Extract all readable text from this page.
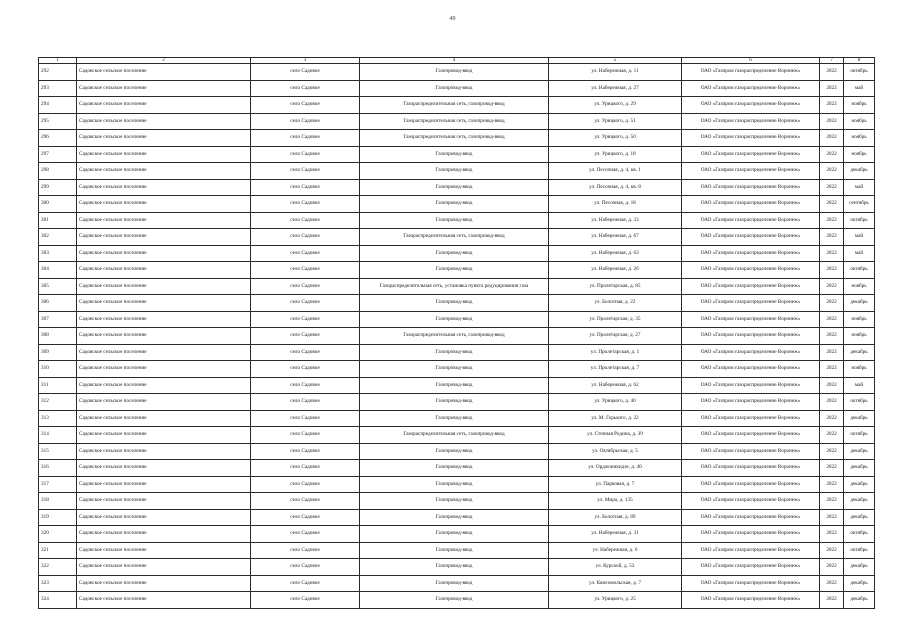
49
1	2	3	4	5	6	7	8
292	Садовское сельское поселение	село Садовое	Газопровод-ввод	ул. Набережная, д. 11	ОАО «Газпром газораспределение Воронеж»	2022	октябрь
293	Садовское сельское поселение	село Садовое	Газопровод-ввод	ул. Набережная, д. 27	ОАО «Газпром газораспределение Воронеж»	2022	май
294	Садовское сельское поселение	село Садовое	Газораспределительная сеть, газопровод-ввод	ул. Урицкого, д. 29	ОАО «Газпром газораспределение Воронеж»	2022	ноябрь
295	Садовское сельское поселение	село Садовое	Газораспределительная сеть, газопровод-ввод	ул. Урицкого, д. 51	ОАО «Газпром газораспределение Воронеж»	2022	ноябрь
296	Садовское сельское поселение	село Садовое	Газораспределительная сеть, газопровод-ввод	ул. Урицкого, д. 50	ОАО «Газпром газораспределение Воронеж»	2022	ноябрь
297	Садовское сельское поселение	село Садовое	Газопровод-ввод	ул. Урицкого, д. 18	ОАО «Газпром газораспределение Воронеж»	2022	ноябрь
298	Садовское сельское поселение	село Садовое	Газопровод-ввод	ул. Песочная, д. 4, кв. 1	ОАО «Газпром газораспределение Воронеж»	2022	декабрь
299	Садовское сельское поселение	село Садовое	Газопровод-ввод	ул. Песочная, д. 4, кв. 8	ОАО «Газпром газораспределение Воронеж»	2022	май
300	Садовское сельское поселение	село Садовое	Газопровод-ввод	ул. Песочная, д. 18	ОАО «Газпром газораспределение Воронеж»	2022	сентябрь
301	Садовское сельское поселение	село Садовое	Газопровод-ввод	ул. Набережная, д. 33	ОАО «Газпром газораспределение Воронеж»	2022	октябрь
302	Садовское сельское поселение	село Садовое	Газораспределительная сеть, газопровод-ввод	ул. Набережная, д. 67	ОАО «Газпром газораспределение Воронеж»	2022	май
303	Садовское сельское поселение	село Садовое	Газопровод-ввод	ул. Набережная, д. 63	ОАО «Газпром газораспределение Воронеж»	2022	май
304	Садовское сельское поселение	село Садовое	Газопровод-ввод	ул. Набережная, д. 26	ОАО «Газпром газораспределение Воронеж»	2022	октябрь
305	Садовское сельское поселение	село Садовое	Газораспределительная сеть, установка пункта редуцирования газа	ул. Пролетарская, д. 85	ОАО «Газпром газораспределение Воронеж»	2022	ноябрь
306	Садовское сельское поселение	село Садовое	Газопровод-ввод	ул. Болотная, д. 22	ОАО «Газпром газораспределение Воронеж»	2022	декабрь
307	Садовское сельское поселение	село Садовое	Газопровод-ввод	ул. Пролетарская, д. 35	ОАО «Газпром газораспределение Воронеж»	2022	ноябрь
308	Садовское сельское поселение	село Садовое	Газораспределительная сеть, газопровод-ввод	ул. Пролетарская, д. 27	ОАО «Газпром газораспределение Воронеж»	2022	ноябрь
309	Садовское сельское поселение	село Садовое	Газопровод-ввод	ул. Пролетарская, д. 1	ОАО «Газпром газораспределение Воронеж»	2022	декабрь
310	Садовское сельское поселение	село Садовое	Газопровод-ввод	ул. Пролетарская, д. 7	ОАО «Газпром газораспределение Воронеж»	2022	ноябрь
311	Садовское сельское поселение	село Садовое	Газопровод-ввод	ул. Набережная, д. 62	ОАО «Газпром газораспределение Воронеж»	2022	май
312	Садовское сельское поселение	село Садовое	Газопровод-ввод	ул. Урицкого, д. 40	ОАО «Газпром газораспределение Воронеж»	2022	октябрь
313	Садовское сельское поселение	село Садовое	Газопровод-ввод	ул. М. Горького, д. 22	ОАО «Газпром газораспределение Воронеж»	2022	декабрь
314	Садовское сельское поселение	село Садовое	Газораспределительная сеть, газопровод-ввод	ул. Степная Родина, д. 39	ОАО «Газпром газораспределение Воронеж»	2022	октябрь
315	Садовское сельское поселение	село Садовое	Газопровод-ввод	ул. Октябрьская, д. 5	ОАО «Газпром газораспределение Воронеж»	2022	декабрь
316	Садовское сельское поселение	село Садовое	Газопровод-ввод	ул. Орджоникидзе, д. 40	ОАО «Газпром газораспределение Воронеж»	2022	декабрь
317	Садовское сельское поселение	село Садовое	Газопровод-ввод	ул. Парковая, д. 7	ОАО «Газпром газораспределение Воронеж»	2022	декабрь
318	Садовское сельское поселение	село Садовое	Газопровод-ввод	ул. Мира, д. 135	ОАО «Газпром газораспределение Воронеж»	2022	декабрь
319	Садовское сельское поселение	село Садовое	Газопровод-ввод	ул. Болотная, д. 89	ОАО «Газпром газораспределение Воронеж»	2022	декабрь
320	Садовское сельское поселение	село Садовое	Газопровод-ввод	ул. Набережная, д. 31	ОАО «Газпром газораспределение Воронеж»	2022	октябрь
321	Садовское сельское поселение	село Садовое	Газопровод-ввод	ул. Набережная, д. 6	ОАО «Газпром газораспределение Воронеж»	2022	октябрь
322	Садовское сельское поселение	село Садовое	Газопровод-ввод	ул. Курской, д. 53	ОАО «Газпром газораспределение Воронеж»	2022	декабрь
323	Садовское сельское поселение	село Садовое	Газопровод-ввод	ул. Комсомольская, д. 7	ОАО «Газпром газораспределение Воронеж»	2022	декабрь
324	Садовское сельское поселение	село Садовое	Газопровод-ввод	ул. Урицкого, д. 25	ОАО «Газпром газораспределение Воронеж»	2022	декабрь
